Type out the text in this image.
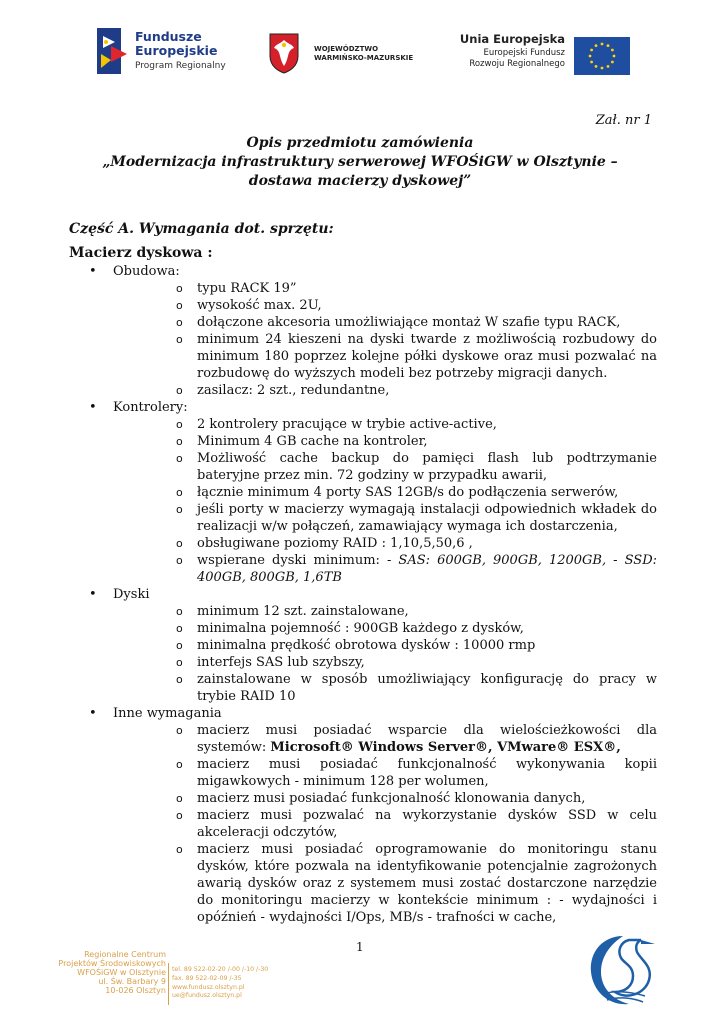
Fundusze
Europejskie
Program Regionalny
WOJEWÓDZTWO
WARMIŃSKO-MAZURSKIE
Unia Europejska
Europejski Fundusz
Rozwoju Regionalnego
Zał. nr 1
Opis przedmiotu zamówienia
„Modernizacja infrastruktury serwerowej WFOŚiGW w Olsztynie –
dostawa macierzy dyskowej”
Część A. Wymagania dot. sprzętu:
Macierz dyskowa :
• Obudowa:
o typu RACK 19”
o wysokość max. 2U,
o dołączone akcesoria umożliwiające montaż W szafie typu RACK,
o minimum 24 kieszeni na dyski twarde z możliwością rozbudowy do minimum 180 poprzez kolejne półki dyskowe oraz musi pozwalać na rozbudowę do wyższych modeli bez potrzeby migracji danych.
o zasilacz: 2 szt., redundantne,
• Kontrolery:
o 2 kontrolery pracujące w trybie active-active,
o Minimum 4 GB cache na kontroler,
o Możliwość cache backup do pamięci flash lub podtrzymanie bateryjne przez min. 72 godziny w przypadku awarii,
o łącznie minimum 4 porty SAS 12GB/s do podłączenia serwerów,
o jeśli porty w macierzy wymagają instalacji odpowiednich wkładek do realizacji w/w połączeń, zamawiający wymaga ich dostarczenia,
o obsługiwane poziomy RAID : 1,10,5,50,6 ,
o wspierane dyski minimum: - SAS: 600GB, 900GB, 1200GB, - SSD: 400GB, 800GB, 1,6TB
• Dyski
o minimum 12 szt. zainstalowane,
o minimalna pojemność : 900GB każdego z dysków,
o minimalna prędkość obrotowa dysków : 10000 rmp
o interfejs SAS lub szybszy,
o zainstalowane w sposób umożliwiający konfigurację do pracy w trybie RAID 10
• Inne wymagania
o macierz musi posiadać wsparcie dla wielościeżkowości dla systemów: Microsoft® Windows Server®, VMware® ESX®,
o macierz musi posiadać funkcjonalność wykonywania kopii migawkowych - minimum 128 per wolumen,
o macierz musi posiadać funkcjonalność klonowania danych,
o macierz musi pozwalać na wykorzystanie dysków SSD w celu akceleracji odczytów,
o macierz musi posiadać oprogramowanie do monitoringu stanu dysków, które pozwala na identyfikowanie potencjalnie zagrożonych awarią dysków oraz z systemem musi zostać dostarczone narzędzie do monitoringu macierzy w kontekście minimum : - wydajności i opóźnień - wydajności I/Ops, MB/s - trafności w cache,
1
Regionalne Centrum
Projektów Środowiskowych
WFOŚiGW w Olsztynie
ul. Św. Barbary 9
10-026 Olsztyn
tel. 89 522-02-20 /-00 /-10 /-30
fax. 89 522-02-09 /-35
www.fundusz.olsztyn.pl
ue@fundusz.olsztyn.pl
